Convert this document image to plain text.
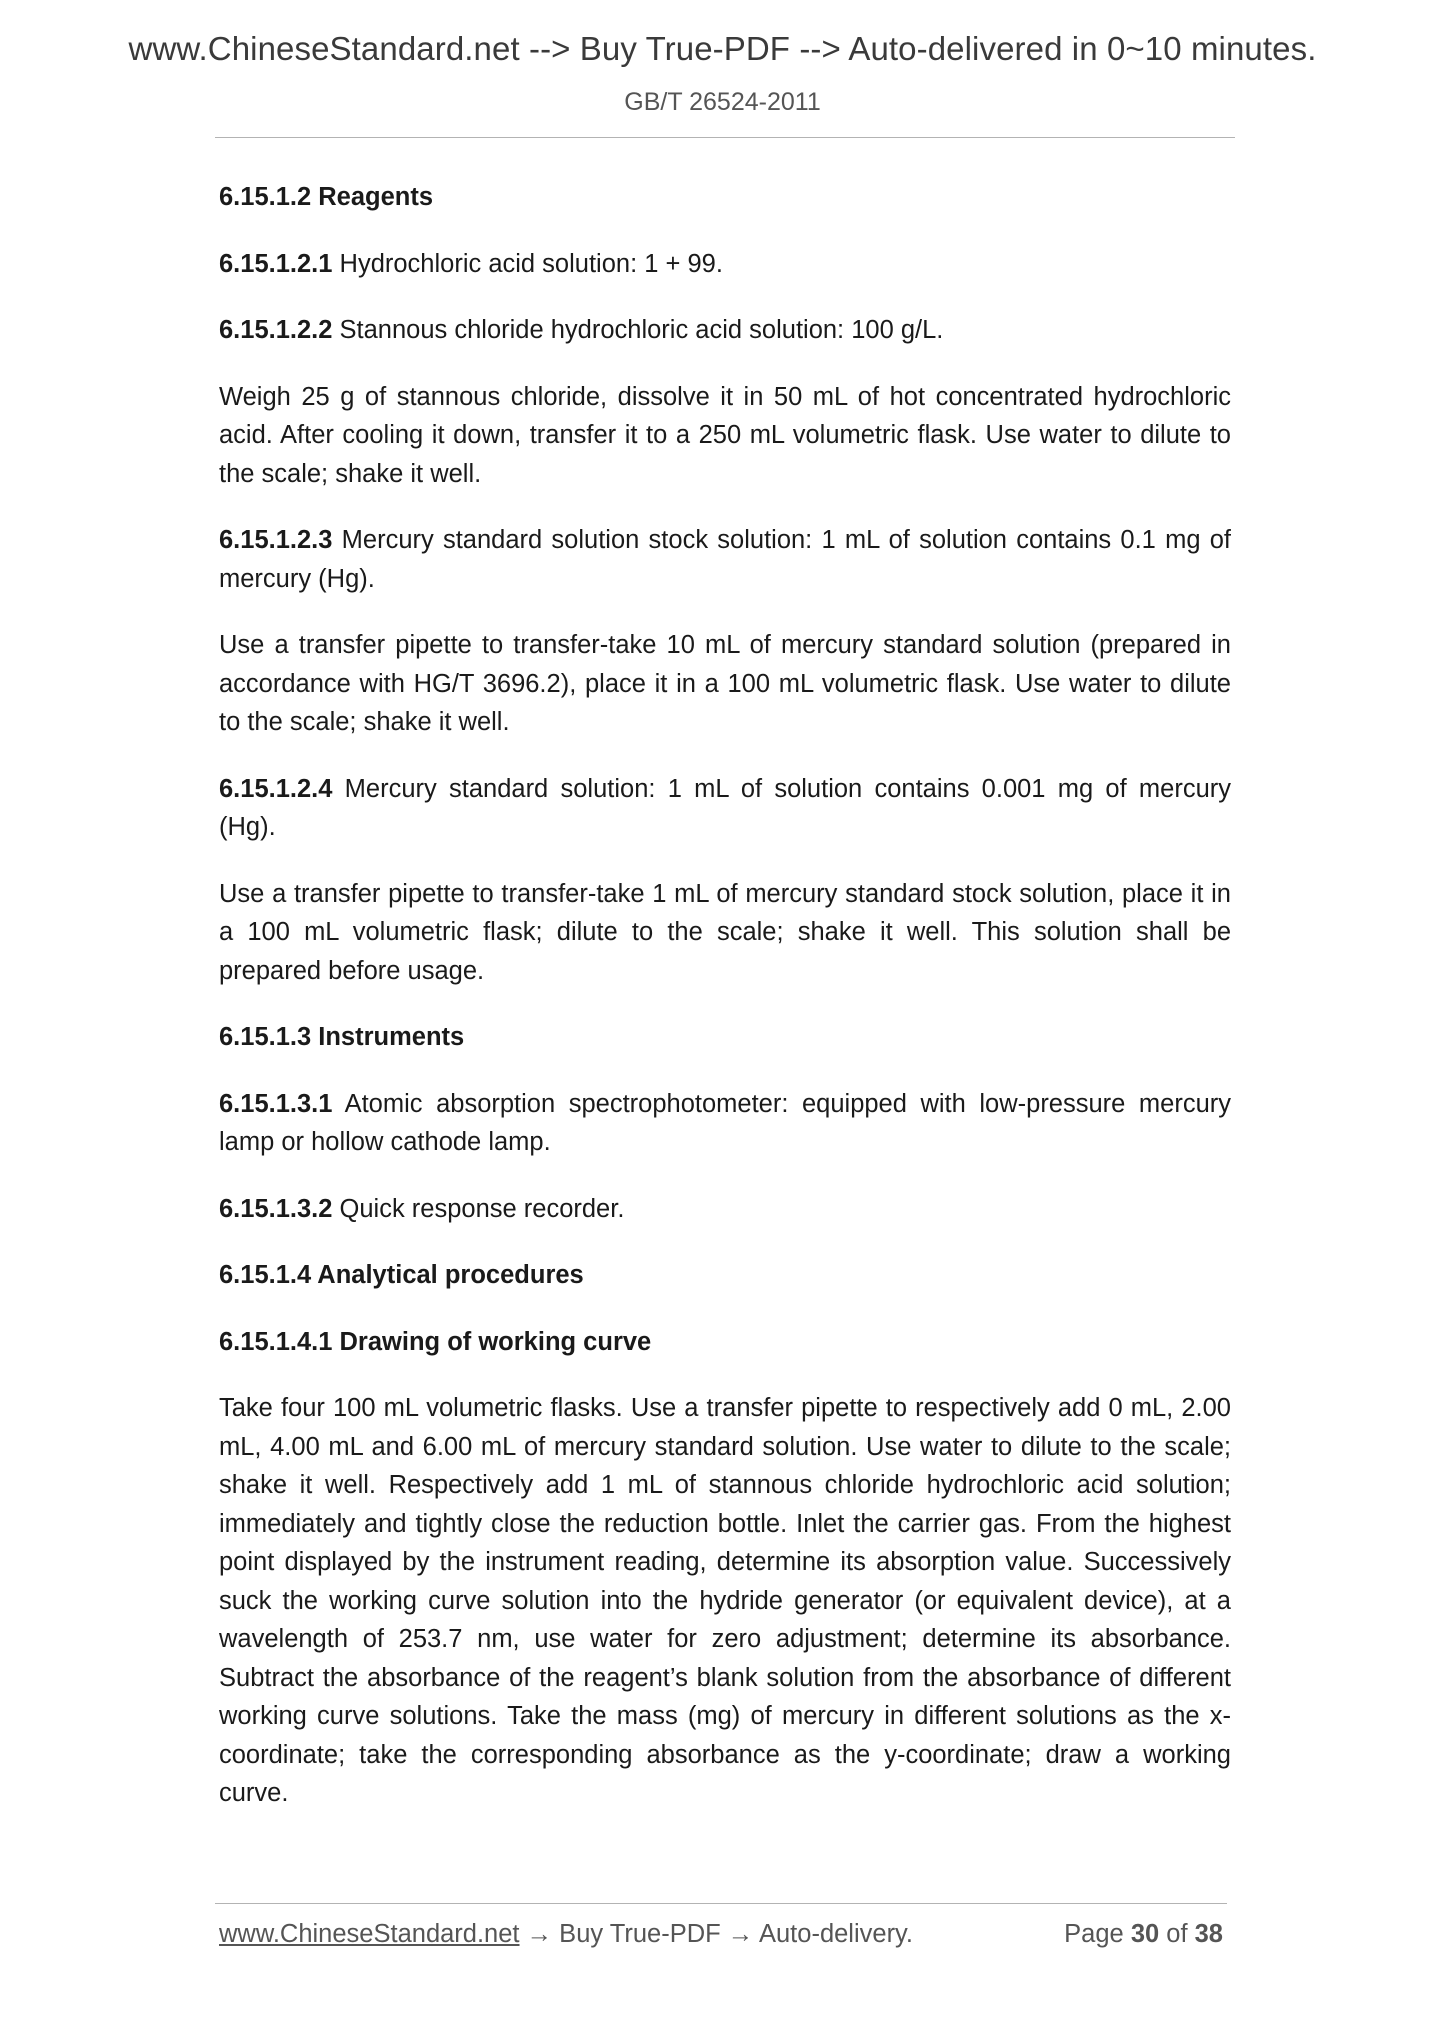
www.ChineseStandard.net --> Buy True-PDF --> Auto-delivered in 0~10 minutes.
GB/T 26524-2011

6.15.1.2 Reagents

6.15.1.2.1 Hydrochloric acid solution: 1 + 99.

6.15.1.2.2 Stannous chloride hydrochloric acid solution: 100 g/L.

Weigh 25 g of stannous chloride, dissolve it in 50 mL of hot concentrated hydrochloric acid. After cooling it down, transfer it to a 250 mL volumetric flask. Use water to dilute to the scale; shake it well.

6.15.1.2.3 Mercury standard solution stock solution: 1 mL of solution contains 0.1 mg of mercury (Hg).

Use a transfer pipette to transfer-take 10 mL of mercury standard solution (prepared in accordance with HG/T 3696.2), place it in a 100 mL volumetric flask. Use water to dilute to the scale; shake it well.

6.15.1.2.4 Mercury standard solution: 1 mL of solution contains 0.001 mg of mercury (Hg).

Use a transfer pipette to transfer-take 1 mL of mercury standard stock solution, place it in a 100 mL volumetric flask; dilute to the scale; shake it well. This solution shall be prepared before usage.

6.15.1.3 Instruments

6.15.1.3.1 Atomic absorption spectrophotometer: equipped with low-pressure mercury lamp or hollow cathode lamp.

6.15.1.3.2 Quick response recorder.

6.15.1.4 Analytical procedures

6.15.1.4.1 Drawing of working curve

Take four 100 mL volumetric flasks. Use a transfer pipette to respectively add 0 mL, 2.00 mL, 4.00 mL and 6.00 mL of mercury standard solution. Use water to dilute to the scale; shake it well. Respectively add 1 mL of stannous chloride hydrochloric acid solution; immediately and tightly close the reduction bottle. Inlet the carrier gas. From the highest point displayed by the instrument reading, determine its absorption value. Successively suck the working curve solution into the hydride generator (or equivalent device), at a wavelength of 253.7 nm, use water for zero adjustment; determine its absorbance. Subtract the absorbance of the reagent’s blank solution from the absorbance of different working curve solutions. Take the mass (mg) of mercury in different solutions as the x-coordinate; take the corresponding absorbance as the y-coordinate; draw a working curve.

www.ChineseStandard.net → Buy True-PDF → Auto-delivery.	Page 30 of 38
